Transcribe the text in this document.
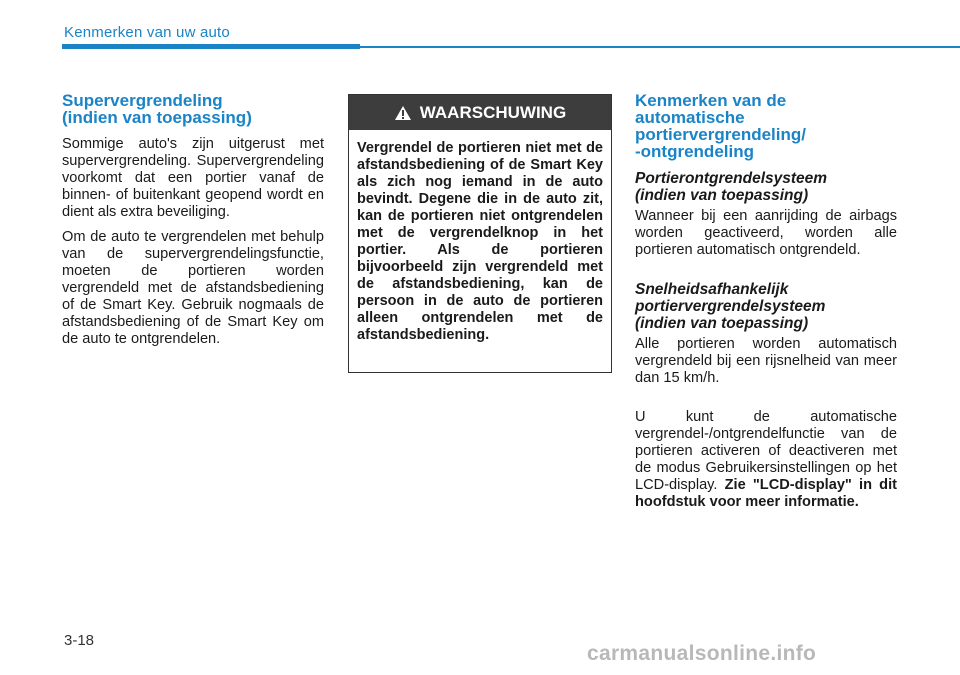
Kenmerken van uw auto
Supervergrendeling
(indien van toepassing)

Sommige auto's zijn uitgerust met supervergrendeling. Supervergrendeling voorkomt dat een portier vanaf de binnen- of buitenkant geopend wordt en dient als extra beveiliging.

Om de auto te vergrendelen met behulp van de supervergrendelingsfunctie, moeten de portieren worden vergrendeld met de afstandsbediening of de Smart Key. Gebruik nogmaals de afstandsbediening of de Smart Key om de auto te ontgrendelen.

WAARSCHUWING
Vergrendel de portieren niet met de afstandsbediening of de Smart Key als zich nog iemand in de auto bevindt. Degene die in de auto zit, kan de portieren niet ontgrendelen met de vergrendelknop in het portier. Als de portieren bijvoorbeeld zijn vergrendeld met de afstandsbediening, kan de persoon in de auto de portieren alleen ontgrendelen met de afstandsbediening.
Kenmerken van de
automatische
portiervergrendeling/
-ontgrendeling
Portierontgrendelsysteem
(indien van toepassing)

Wanneer bij een aanrijding de airbags worden geactiveerd, worden alle portieren automatisch ontgrendeld.

Snelheidsafhankelijk
portiervergrendelsysteem
(indien van toepassing)

Alle portieren worden automatisch vergrendeld bij een rijsnelheid van meer dan 15 km/h.

U kunt de automatische vergrendel-/ontgrendelfunctie van de portieren activeren of deactiveren met de modus Gebruikersinstellingen op het LCD-display. Zie "LCD-display" in dit hoofdstuk voor meer informatie.

3-18
carmanualsonline.info
